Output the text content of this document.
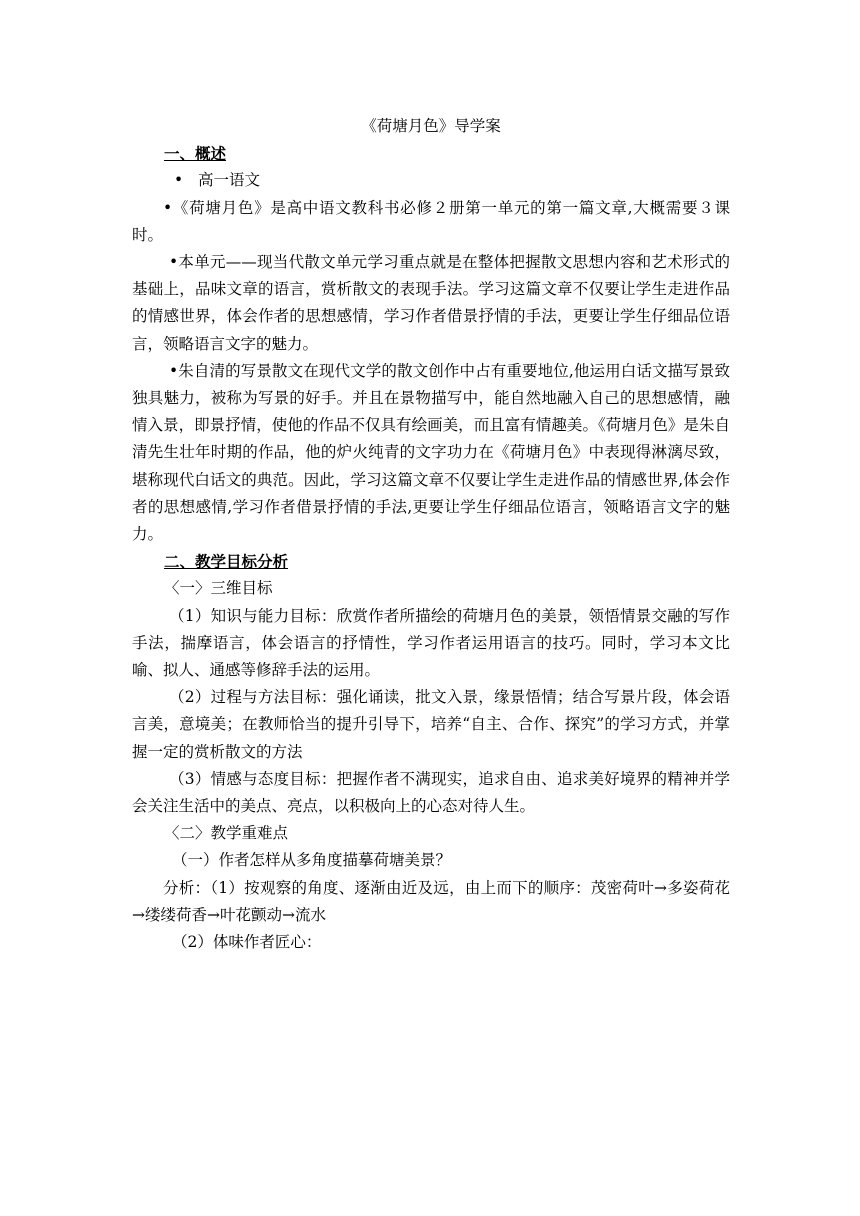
《荷塘月色》导学案

一、概述

• 高一语文

•《荷塘月色》是高中语文教科书必修２册第一单元的第一篇文章,大概需要３课时。

•本单元——现当代散文单元学习重点就是在整体把握散文思想内容和艺术形式的基础上，品味文章的语言，赏析散文的表现手法。学习这篇文章不仅要让学生走进作品的情感世界，体会作者的思想感情，学习作者借景抒情的手法，更要让学生仔细品位语言，领略语言文字的魅力。

•朱自清的写景散文在现代文学的散文创作中占有重要地位,他运用白话文描写景致独具魅力，被称为写景的好手。并且在景物描写中，能自然地融入自己的思想感情，融情入景，即景抒情，使他的作品不仅具有绘画美，而且富有情趣美。《荷塘月色》是朱自清先生壮年时期的作品，他的炉火纯青的文字功力在《荷塘月色》中表现得淋漓尽致，堪称现代白话文的典范。因此，学习这篇文章不仅要让学生走进作品的情感世界,体会作者的思想感情,学习作者借景抒情的手法,更要让学生仔细品位语言，领略语言文字的魅力。

二、教学目标分析

〈一〉三维目标

（1）知识与能力目标：欣赏作者所描绘的荷塘月色的美景，领悟情景交融的写作手法，揣摩语言，体会语言的抒情性，学习作者运用语言的技巧。同时，学习本文比喻、拟人、通感等修辞手法的运用。

（2）过程与方法目标：强化诵读，批文入景，缘景悟情；结合写景片段，体会语言美，意境美；在教师恰当的提升引导下，培养“自主、合作、探究”的学习方式，并掌握一定的赏析散文的方法

（3）情感与态度目标：把握作者不满现实，追求自由、追求美好境界的精神并学会关注生活中的美点、亮点，以积极向上的心态对待人生。

〈二〉教学重难点

（一）作者怎样从多角度描摹荷塘美景？

分析：（1）按观察的角度、逐渐由近及远，由上而下的顺序：茂密荷叶→多姿荷花→缕缕荷香→叶花颤动→流水

（2）体味作者匠心：
